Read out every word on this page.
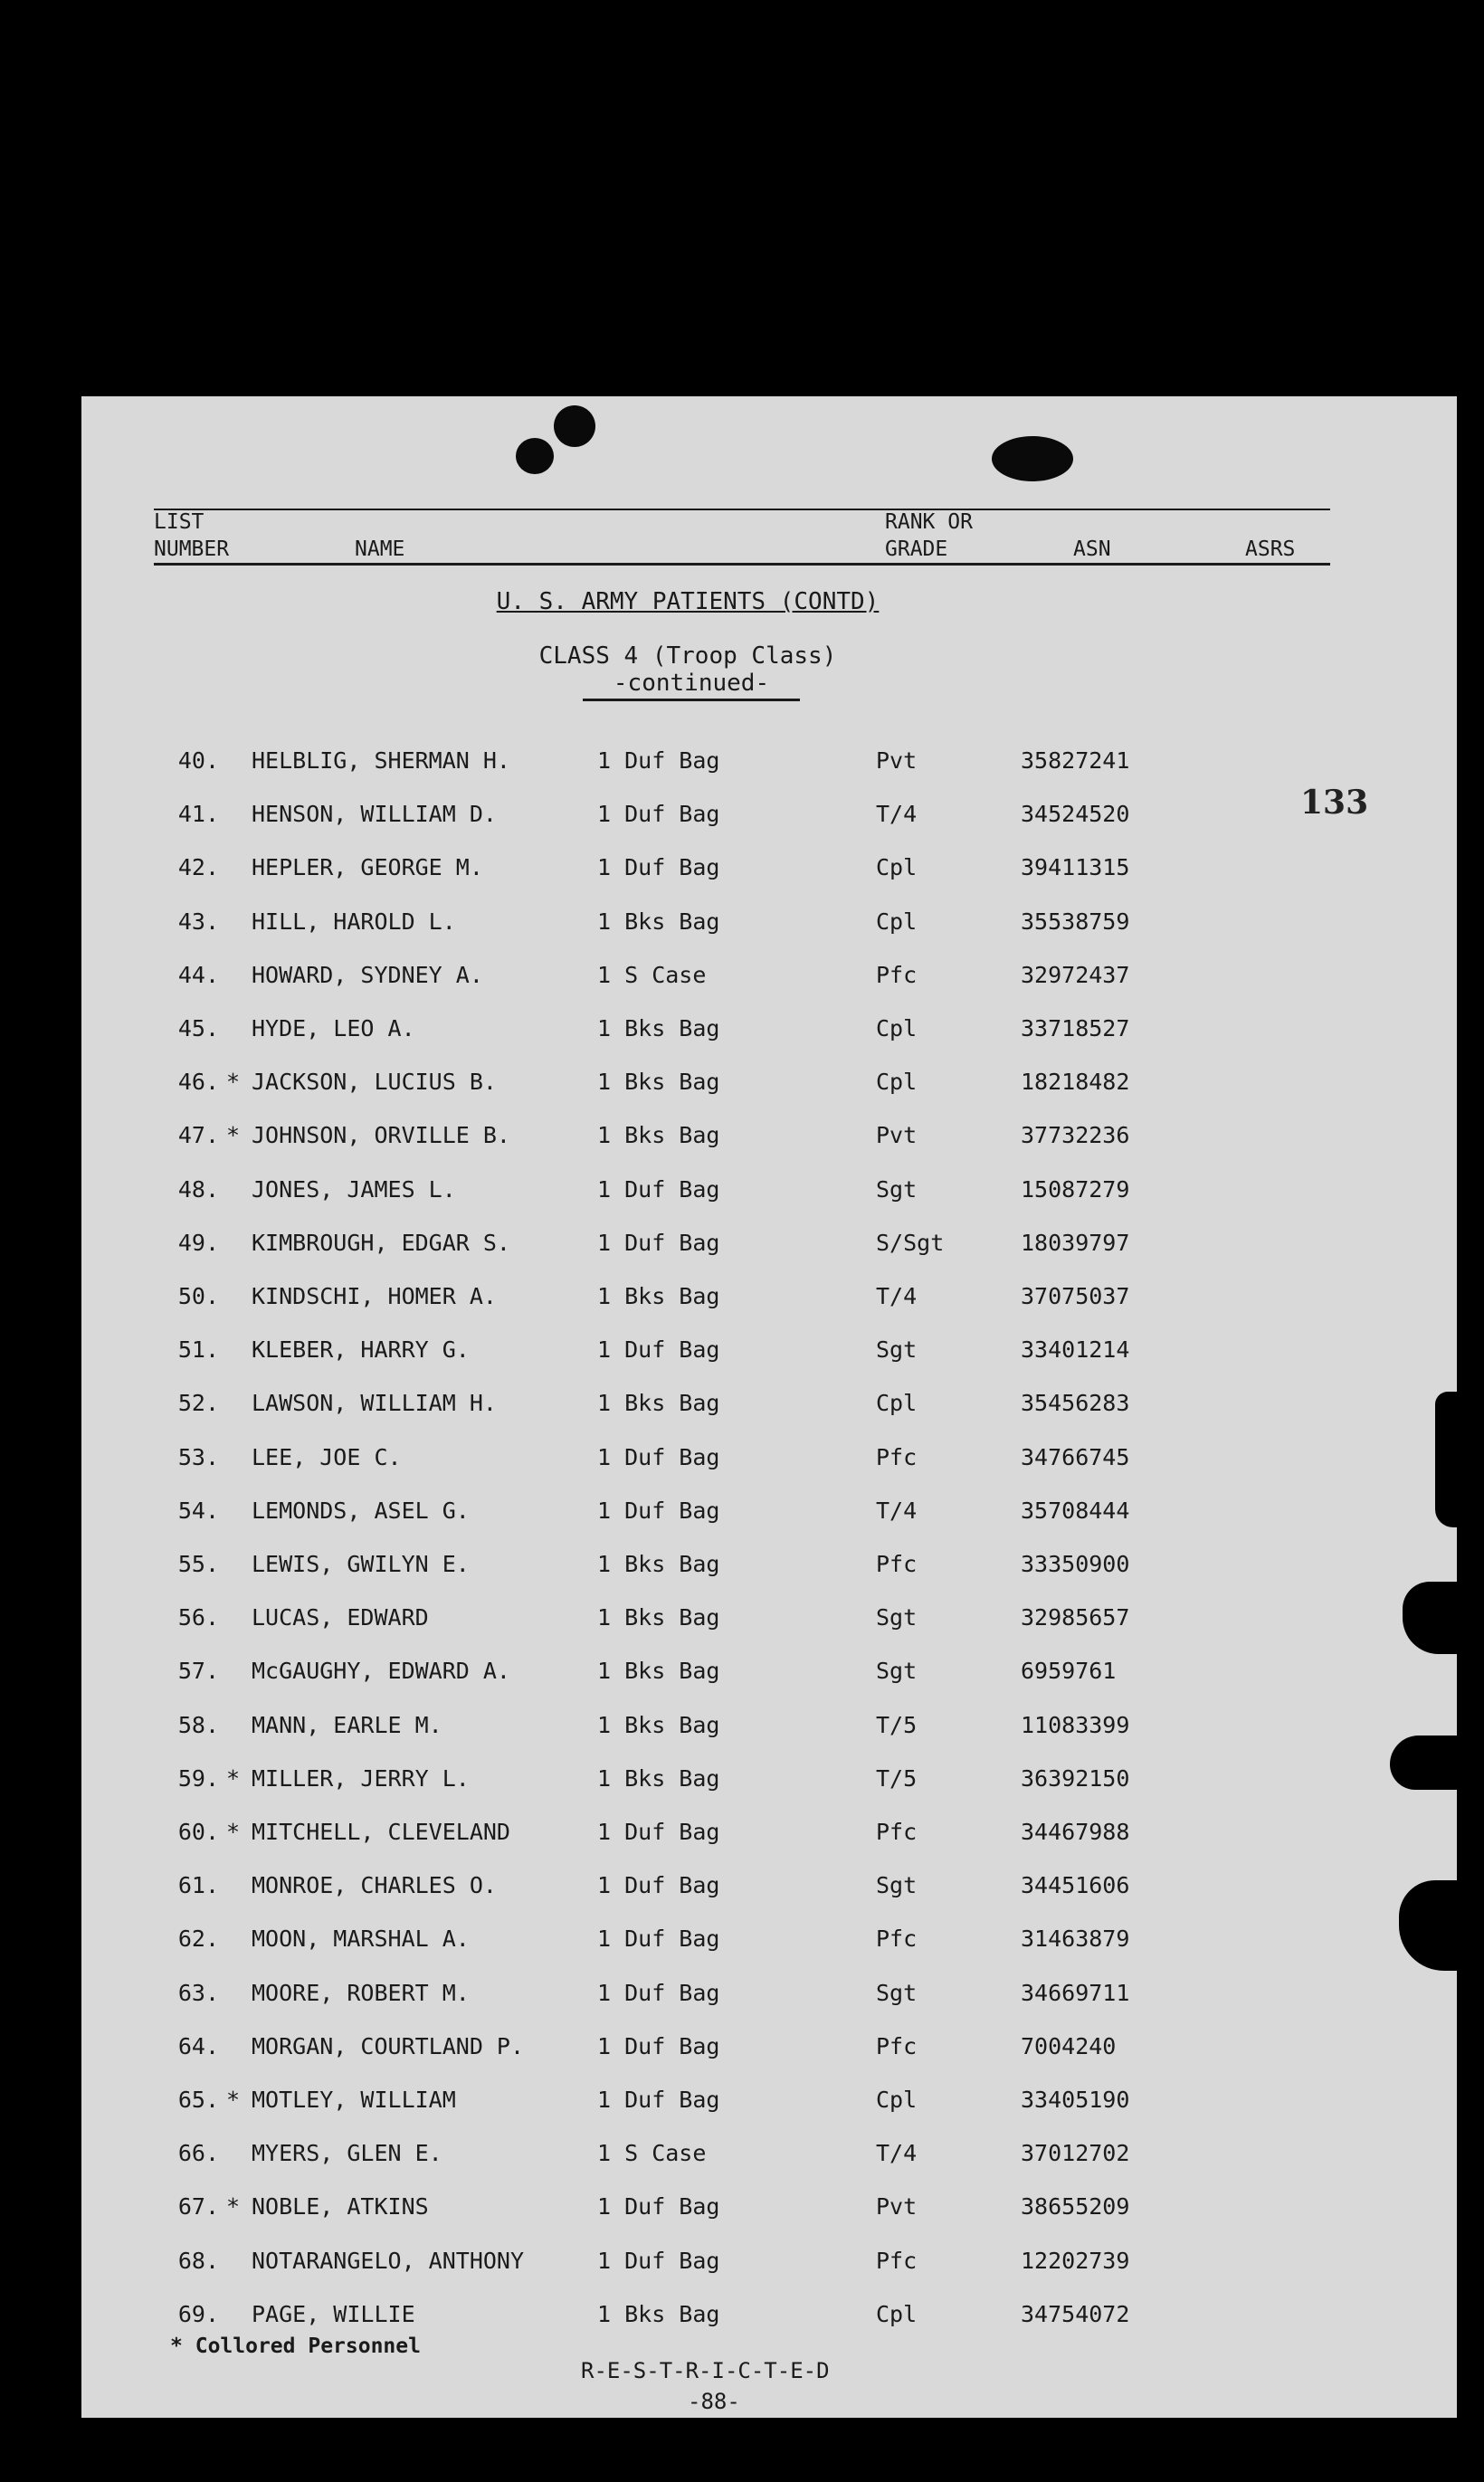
LIST
NUMBER	NAME
RANK OR
GRADE	ASN	ASRS
U. S. ARMY PATIENTS (CONTD)
CLASS 4 (Troop Class)
-continued-
133
40. HELBLIG, SHERMAN H.	1 Duf Bag	Pvt	35827241
41. HENSON, WILLIAM D.	1 Duf Bag	T/4	34524520
42. HEPLER, GEORGE M.	1 Duf Bag	Cpl	39411315
43. HILL, HAROLD L.	1 Bks Bag	Cpl	35538759
44. HOWARD, SYDNEY A.	1 S Case	Pfc	32972437
45. HYDE, LEO A.	1 Bks Bag	Cpl	33718527
46. * JACKSON, LUCIUS B.	1 Bks Bag	Cpl	18218482
47. * JOHNSON, ORVILLE B.	1 Bks Bag	Pvt	37732236
48. JONES, JAMES L.	1 Duf Bag	Sgt	15087279
49. KIMBROUGH, EDGAR S.	1 Duf Bag	S/Sgt	18039797
50. KINDSCHI, HOMER A.	1 Bks Bag	T/4	37075037
51. KLEBER, HARRY G.	1 Duf Bag	Sgt	33401214
52. LAWSON, WILLIAM H.	1 Bks Bag	Cpl	35456283
53. LEE, JOE C.	1 Duf Bag	Pfc	34766745
54. LEMONDS, ASEL G.	1 Duf Bag	T/4	35708444
55. LEWIS, GWILYN E.	1 Bks Bag	Pfc	33350900
56. LUCAS, EDWARD	1 Bks Bag	Sgt	32985657
57. McGAUGHY, EDWARD A.	1 Bks Bag	Sgt	6959761
58. MANN, EARLE M.	1 Bks Bag	T/5	11083399
59. * MILLER, JERRY L.	1 Bks Bag	T/5	36392150
60. * MITCHELL, CLEVELAND	1 Duf Bag	Pfc	34467988
61. MONROE, CHARLES O.	1 Duf Bag	Sgt	34451606
62. MOON, MARSHAL A.	1 Duf Bag	Pfc	31463879
63. MOORE, ROBERT M.	1 Duf Bag	Sgt	34669711
64. MORGAN, COURTLAND P.	1 Duf Bag	Pfc	7004240
65. * MOTLEY, WILLIAM	1 Duf Bag	Cpl	33405190
66. MYERS, GLEN E.	1 S Case	T/4	37012702
67. * NOBLE, ATKINS	1 Duf Bag	Pvt	38655209
68. NOTARANGELO, ANTHONY	1 Duf Bag	Pfc	12202739
69. PAGE, WILLIE	1 Bks Bag	Cpl	34754072
* Collored Personnel
R-E-S-T-R-I-C-T-E-D
-88-
